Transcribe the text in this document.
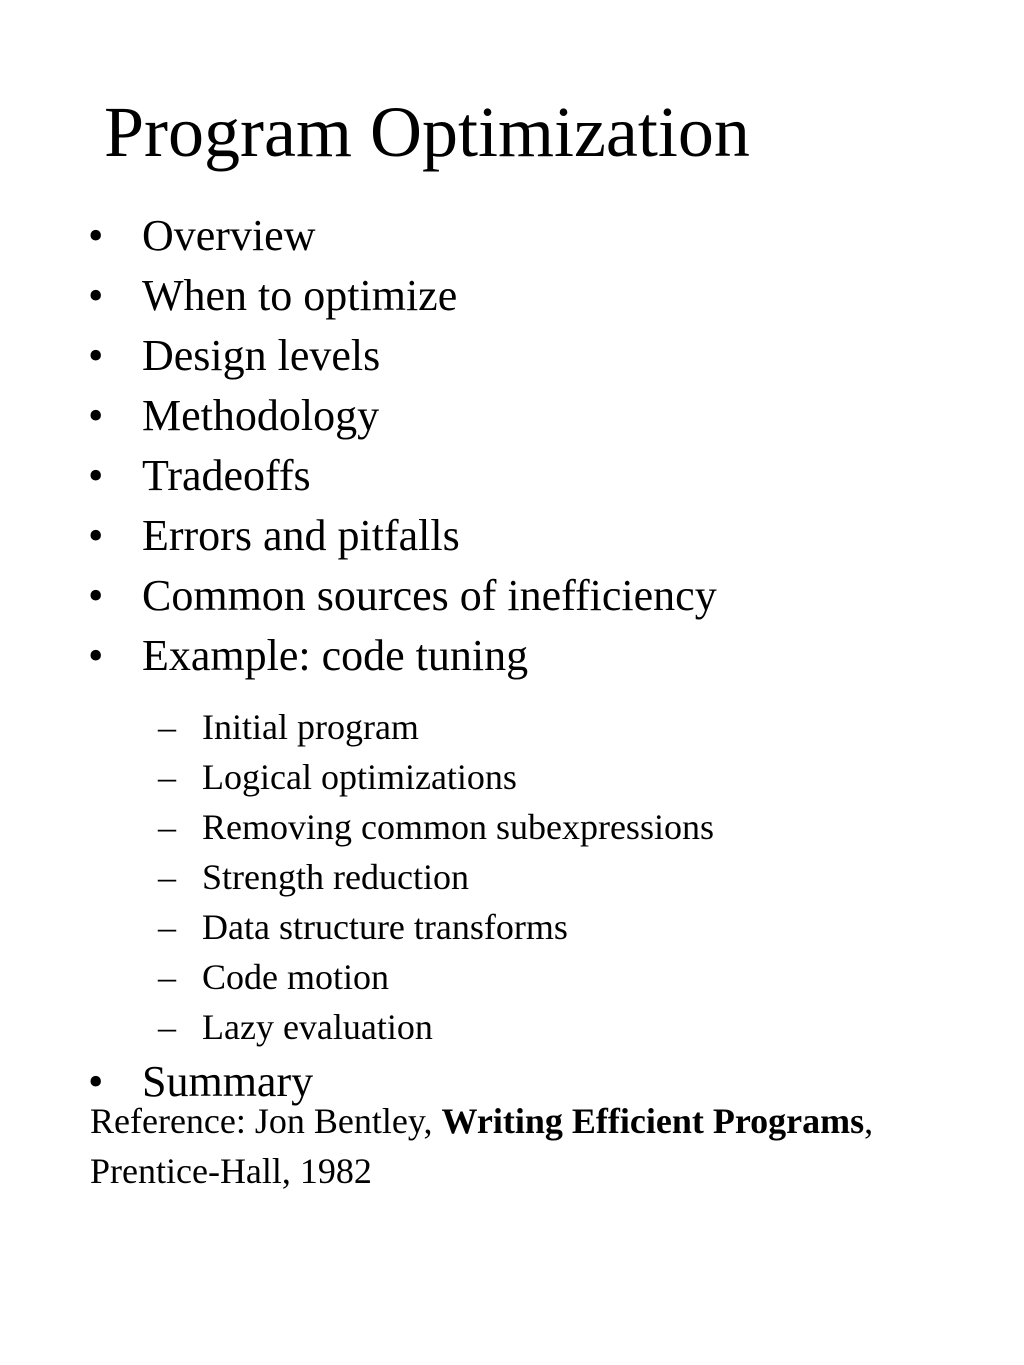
Program Optimization
• Overview
• When to optimize
• Design levels
• Methodology
• Tradeoffs
• Errors and pitfalls
• Common sources of inefficiency
• Example: code tuning
– Initial program
– Logical optimizations
– Removing common subexpressions
– Strength reduction
– Data structure transforms
– Code motion
– Lazy evaluation
• Summary

Reference: Jon Bentley, Writing Efficient Programs,
Prentice-Hall, 1982
